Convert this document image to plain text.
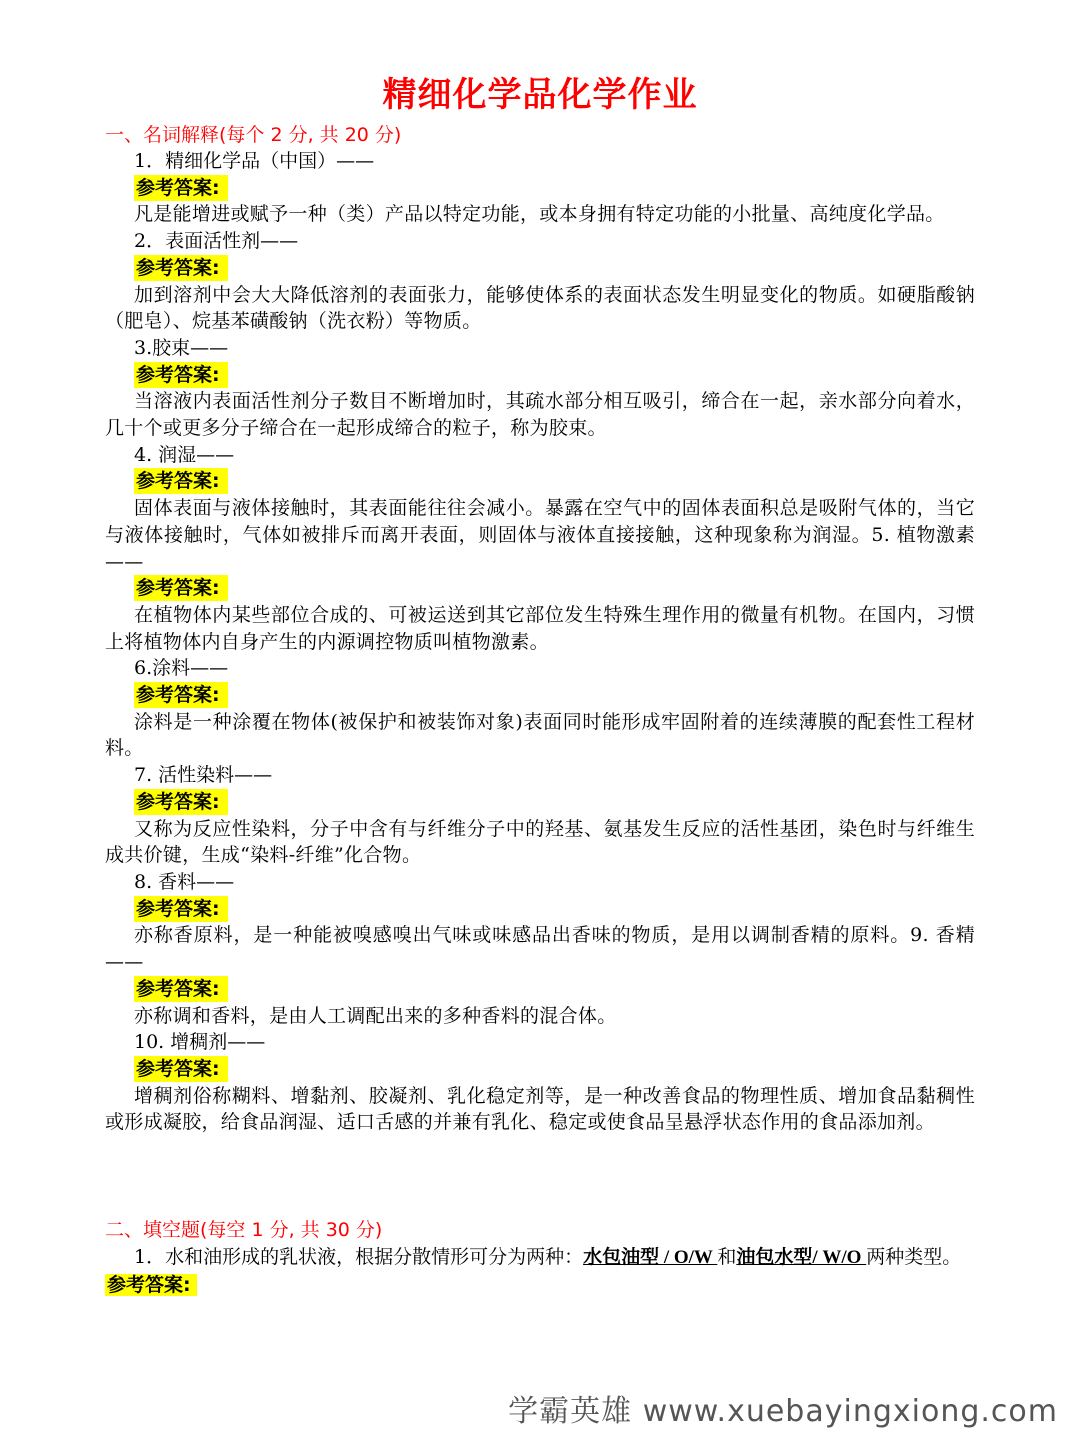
精细化学品化学作业
一、名词解释(每个 2 分, 共 20 分)
1．精细化学品（中国）——
参考答案:
凡是能增进或赋予一种（类）产品以特定功能，或本身拥有特定功能的小批量、高纯度化学品。
2．表面活性剂——
参考答案:
加到溶剂中会大大降低溶剂的表面张力，能够使体系的表面状态发生明显变化的物质。如硬脂酸钠（肥皂）、烷基苯磺酸钠（洗衣粉）等物质。
3.胶束——
参考答案:
当溶液内表面活性剂分子数目不断增加时，其疏水部分相互吸引，缔合在一起，亲水部分向着水，几十个或更多分子缔合在一起形成缔合的粒子，称为胶束。
4. 润湿——
参考答案:
固体表面与液体接触时，其表面能往往会减小。暴露在空气中的固体表面积总是吸附气体的，当它与液体接触时，气体如被排斥而离开表面，则固体与液体直接接触，这种现象称为润湿。5. 植物激素——
参考答案:
在植物体内某些部位合成的、可被运送到其它部位发生特殊生理作用的微量有机物。在国内，习惯上将植物体内自身产生的内源调控物质叫植物激素。
6.涂料——
参考答案:
涂料是一种涂覆在物体(被保护和被装饰对象)表面同时能形成牢固附着的连续薄膜的配套性工程材料。
7. 活性染料——
参考答案:
又称为反应性染料，分子中含有与纤维分子中的羟基、氨基发生反应的活性基团，染色时与纤维生成共价键，生成“染料-纤维”化合物。
8. 香料——
参考答案:
亦称香原料，是一种能被嗅感嗅出气味或味感品出香味的物质，是用以调制香精的原料。9. 香精——
参考答案:
亦称调和香料，是由人工调配出来的多种香料的混合体。
10. 增稠剂——
参考答案:
增稠剂俗称糊料、增黏剂、胶凝剂、乳化稳定剂等，是一种改善食品的物理性质、增加食品黏稠性或形成凝胶，给食品润湿、适口舌感的并兼有乳化、稳定或使食品呈悬浮状态作用的食品添加剂。
二、填空题(每空 1 分, 共 30 分)
1．水和油形成的乳状液，根据分散情形可分为两种：水包油型 / O/W 和油包水型/ W/O 两种类型。参考答案:
学霸英雄 www.xuebayingxiong.com
